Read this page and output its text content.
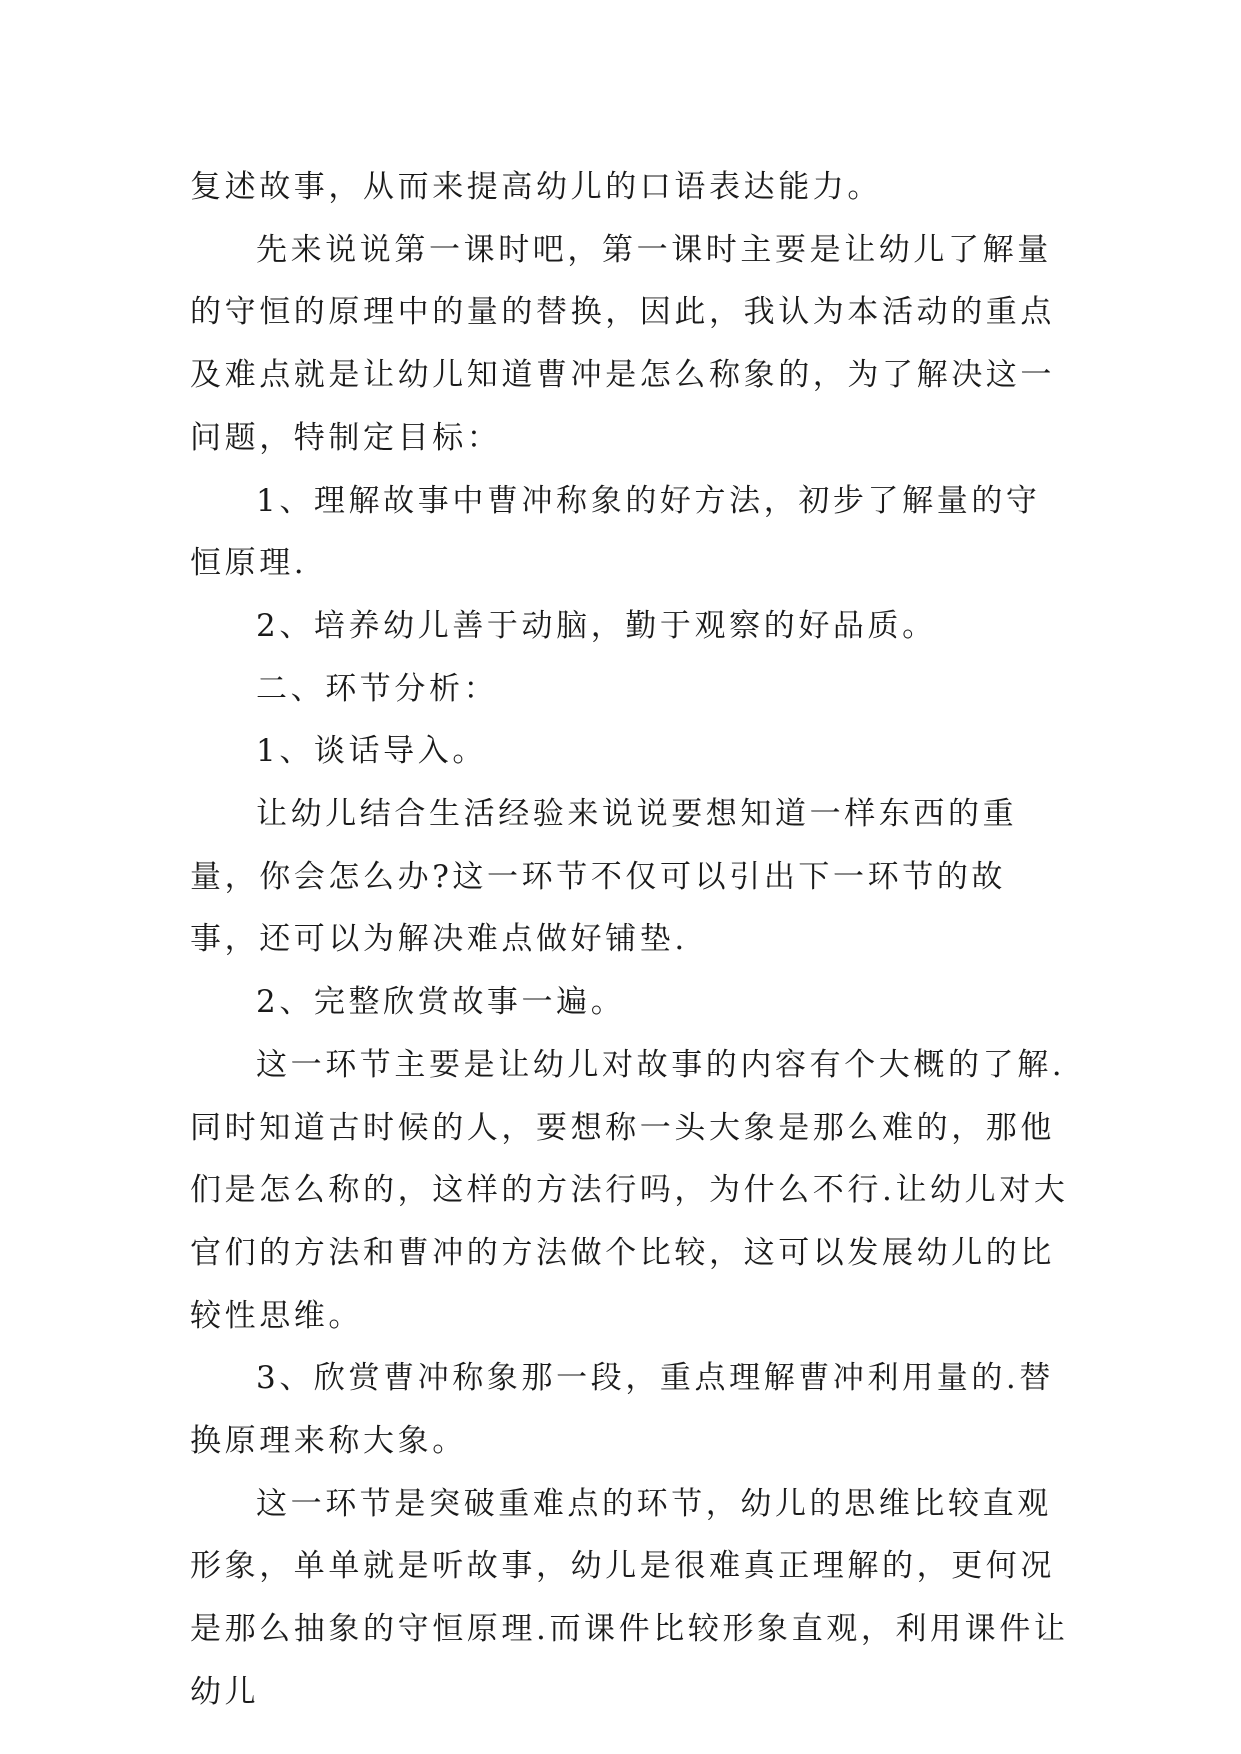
复述故事，从而来提高幼儿的口语表达能力。

先来说说第一课时吧，第一课时主要是让幼儿了解量的守恒的原理中的量的替换，因此，我认为本活动的重点及难点就是让幼儿知道曹冲是怎么称象的，为了解决这一问题，特制定目标：

1、理解故事中曹冲称象的好方法，初步了解量的守恒原理.

2、培养幼儿善于动脑，勤于观察的好品质。

二、环节分析：

1、谈话导入。

让幼儿结合生活经验来说说要想知道一样东西的重量，你会怎么办?这一环节不仅可以引出下一环节的故事，还可以为解决难点做好铺垫.

2、完整欣赏故事一遍。

这一环节主要是让幼儿对故事的内容有个大概的了解.同时知道古时候的人，要想称一头大象是那么难的，那他们是怎么称的，这样的方法行吗，为什么不行.让幼儿对大官们的方法和曹冲的方法做个比较，这可以发展幼儿的比较性思维。

3、欣赏曹冲称象那一段，重点理解曹冲利用量的.替换原理来称大象。

这一环节是突破重难点的环节，幼儿的思维比较直观形象，单单就是听故事，幼儿是很难真正理解的，更何况是那么抽象的守恒原理.而课件比较形象直观，利用课件让幼儿
